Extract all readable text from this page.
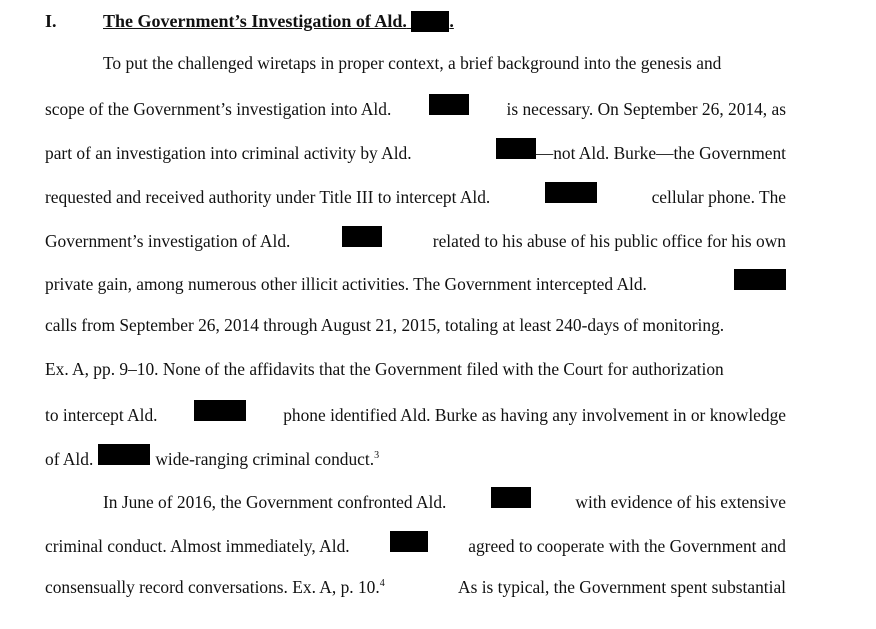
I.	The Government’s Investigation of Ald. .
To put the challenged wiretaps in proper context, a brief background into the genesis and
scope of the Government’s investigation into Ald.	is necessary. On September 26, 2014, as
part of an investigation into criminal activity by Ald.	—not Ald. Burke—the Government
requested and received authority under Title III to intercept Ald.	cellular phone. The
Government’s investigation of Ald.	related to his abuse of his public office for his own
private gain, among numerous other illicit activities. The Government intercepted Ald.
calls from September 26, 2014 through August 21, 2015, totaling at least 240-days of monitoring.
Ex. A, pp. 9–10. None of the affidavits that the Government filed with the Court for authorization
to intercept Ald.	phone identified Ald. Burke as having any involvement in or knowledge
of Ald.	wide-ranging criminal conduct.$^3$
In June of 2016, the Government confronted Ald.	with evidence of his extensive
criminal conduct. Almost immediately, Ald.	agreed to cooperate with the Government and
consensually record conversations. Ex. A, p. 10.$^4$	As is typical, the Government spent substantial
